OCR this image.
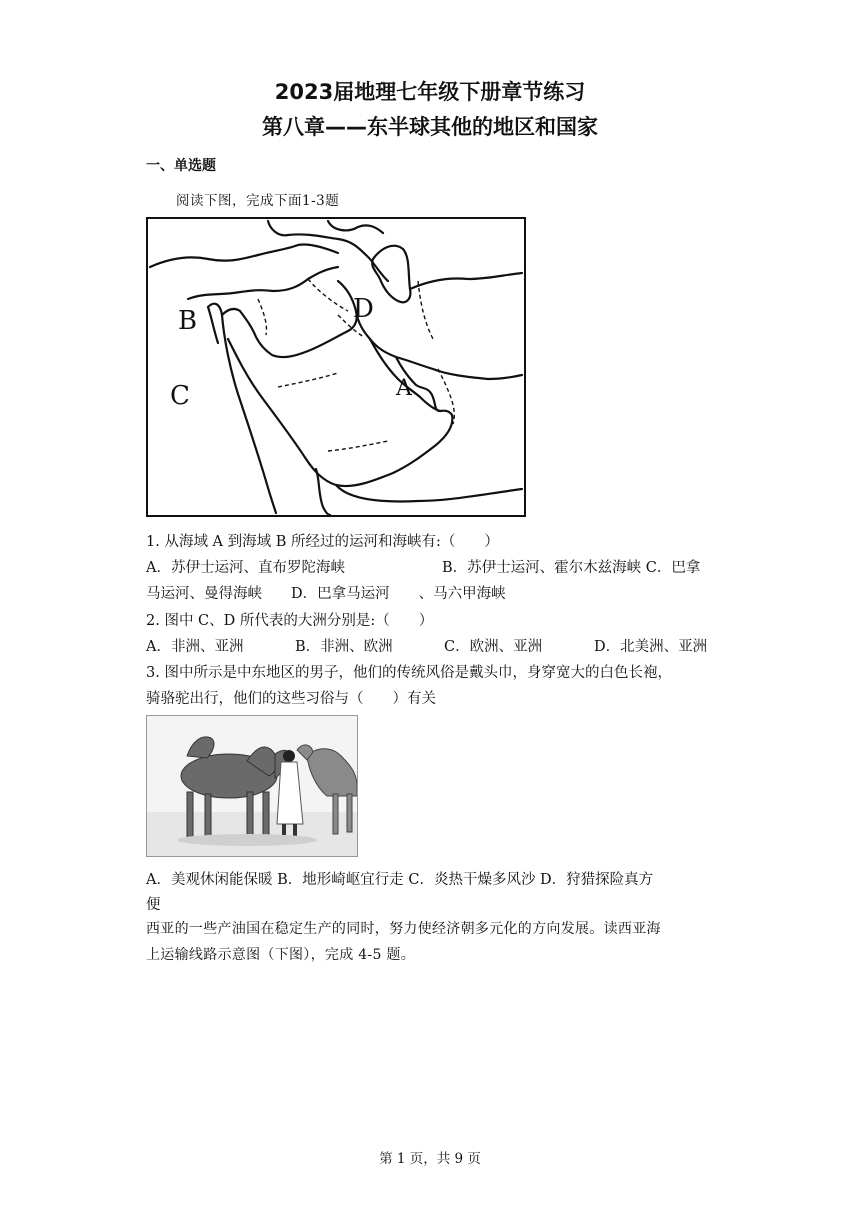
2023届地理七年级下册章节练习
第八章——东半球其他的地区和国家
一、单选题
阅读下图，完成下面1-3题
B
C
D
A
1. 从海域 A 到海域 B 所经过的运河和海峡有:（　　）
A．苏伊士运河、直布罗陀海峡	B．苏伊士运河、霍尔木兹海峡 C．巴拿
马运河、曼得海峡　　D．巴拿马运河　　、马六甲海峡
2. 图中 C、D 所代表的大洲分别是:（　　）
A．非洲、亚洲	B．非洲、欧洲	C．欧洲、亚洲	D．北美洲、亚洲
3. 图中所示是中东地区的男子，他们的传统风俗是戴头巾，身穿宽大的白色长袍，
骑骆驼出行，他们的这些习俗与（　　）有关
A．美观休闲能保暖 B．地形崎岖宜行走 C．炎热干燥多风沙 D．狩猎探险真方
便
西亚的一些产油国在稳定生产的同时，努力使经济朝多元化的方向发展。读西亚海
上运输线路示意图（下图），完成 4-5 题。
第 1 页，共 9 页
